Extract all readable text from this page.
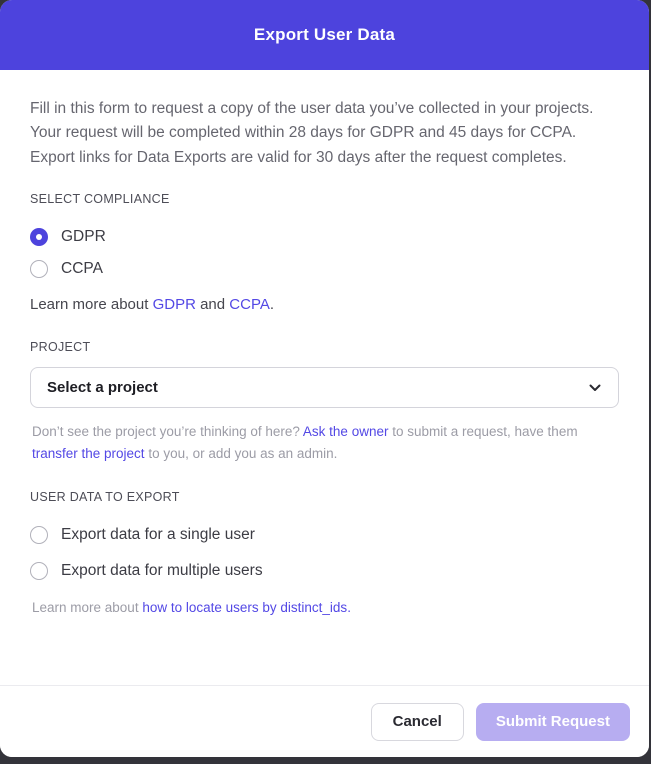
Export User Data

Fill in this form to request a copy of the user data you’ve collected in your projects. Your request will be completed within 28 days for GDPR and 45 days for CCPA. Export links for Data Exports are valid for 30 days after the request completes.

SELECT COMPLIANCE

GDPR
CCPA

Learn more about GDPR and CCPA.

PROJECT

Select a project

Don’t see the project you’re thinking of here? Ask the owner to submit a request, have them transfer the project to you, or add you as an admin.

USER DATA TO EXPORT

Export data for a single user
Export data for multiple users

Learn more about how to locate users by distinct_ids.

Cancel	Submit Request
